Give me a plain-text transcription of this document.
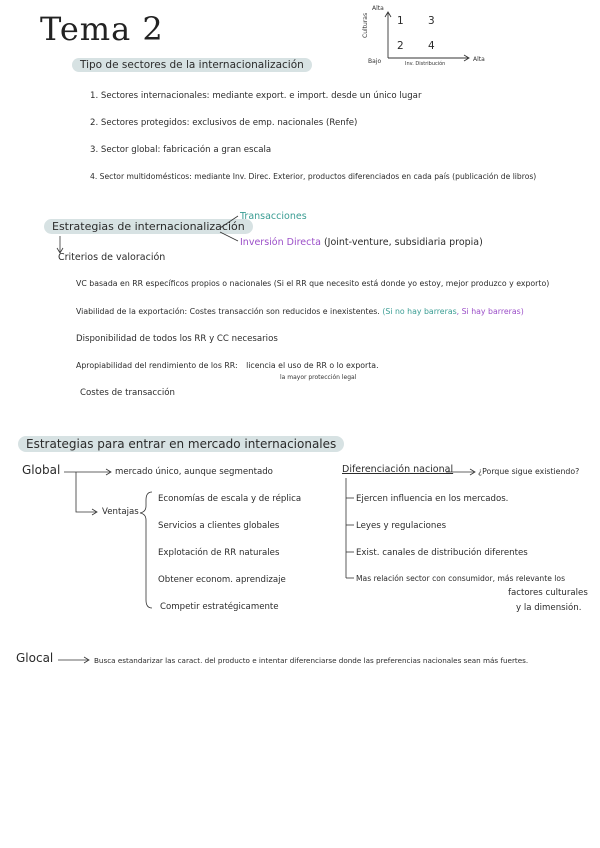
Tema 2
Alta
Bajo
Culturas
Alta
Inv. Distribución
1 3
2 4
Tipo de sectores de la internacionalización
1. Sectores internacionales: mediante export. e import. desde un único lugar
2. Sectores protegidos: exclusivos de emp. nacionales (Renfe)
3. Sector global: fabricación a gran escala
4. Sector multidomésticos: mediante Inv. Direc. Exterior, productos diferenciados en cada país (publicación de libros)
Estrategias de internacionalización
Transacciones
Inversión Directa (Joint-venture, subsidiaria propia)
Criterios de valoración
VC basada en RR específicos propios o nacionales (Si el RR que necesito está donde yo estoy, mejor produzco y exporto)
Viabilidad de la exportación: Costes transacción son reducidos e inexistentes. (Si no hay barreras, Si hay barreras)
Disponibilidad de todos los RR y CC necesarios
Apropiabilidad del rendimiento de los RR: licencia el uso de RR o lo exporta.
la mayor protección legal
Costes de transacción
Estrategias para entrar en mercado internacionales
Global	mercado único, aunque segmentado
Ventajas
Economías de escala y de réplica
Servicios a clientes globales
Explotación de RR naturales
Obtener econom. aprendizaje
Competir estratégicamente
Diferenciación nacional	¿Porque sigue existiendo?
Ejercen influencia en los mercados.
Leyes y regulaciones
Exist. canales de distribución diferentes
Mas relación sector con consumidor, más relevante los
factores culturales
y la dimensión.
Glocal	Busca estandarizar las caract. del producto e intentar diferenciarse donde las preferencias nacionales sean más fuertes.
